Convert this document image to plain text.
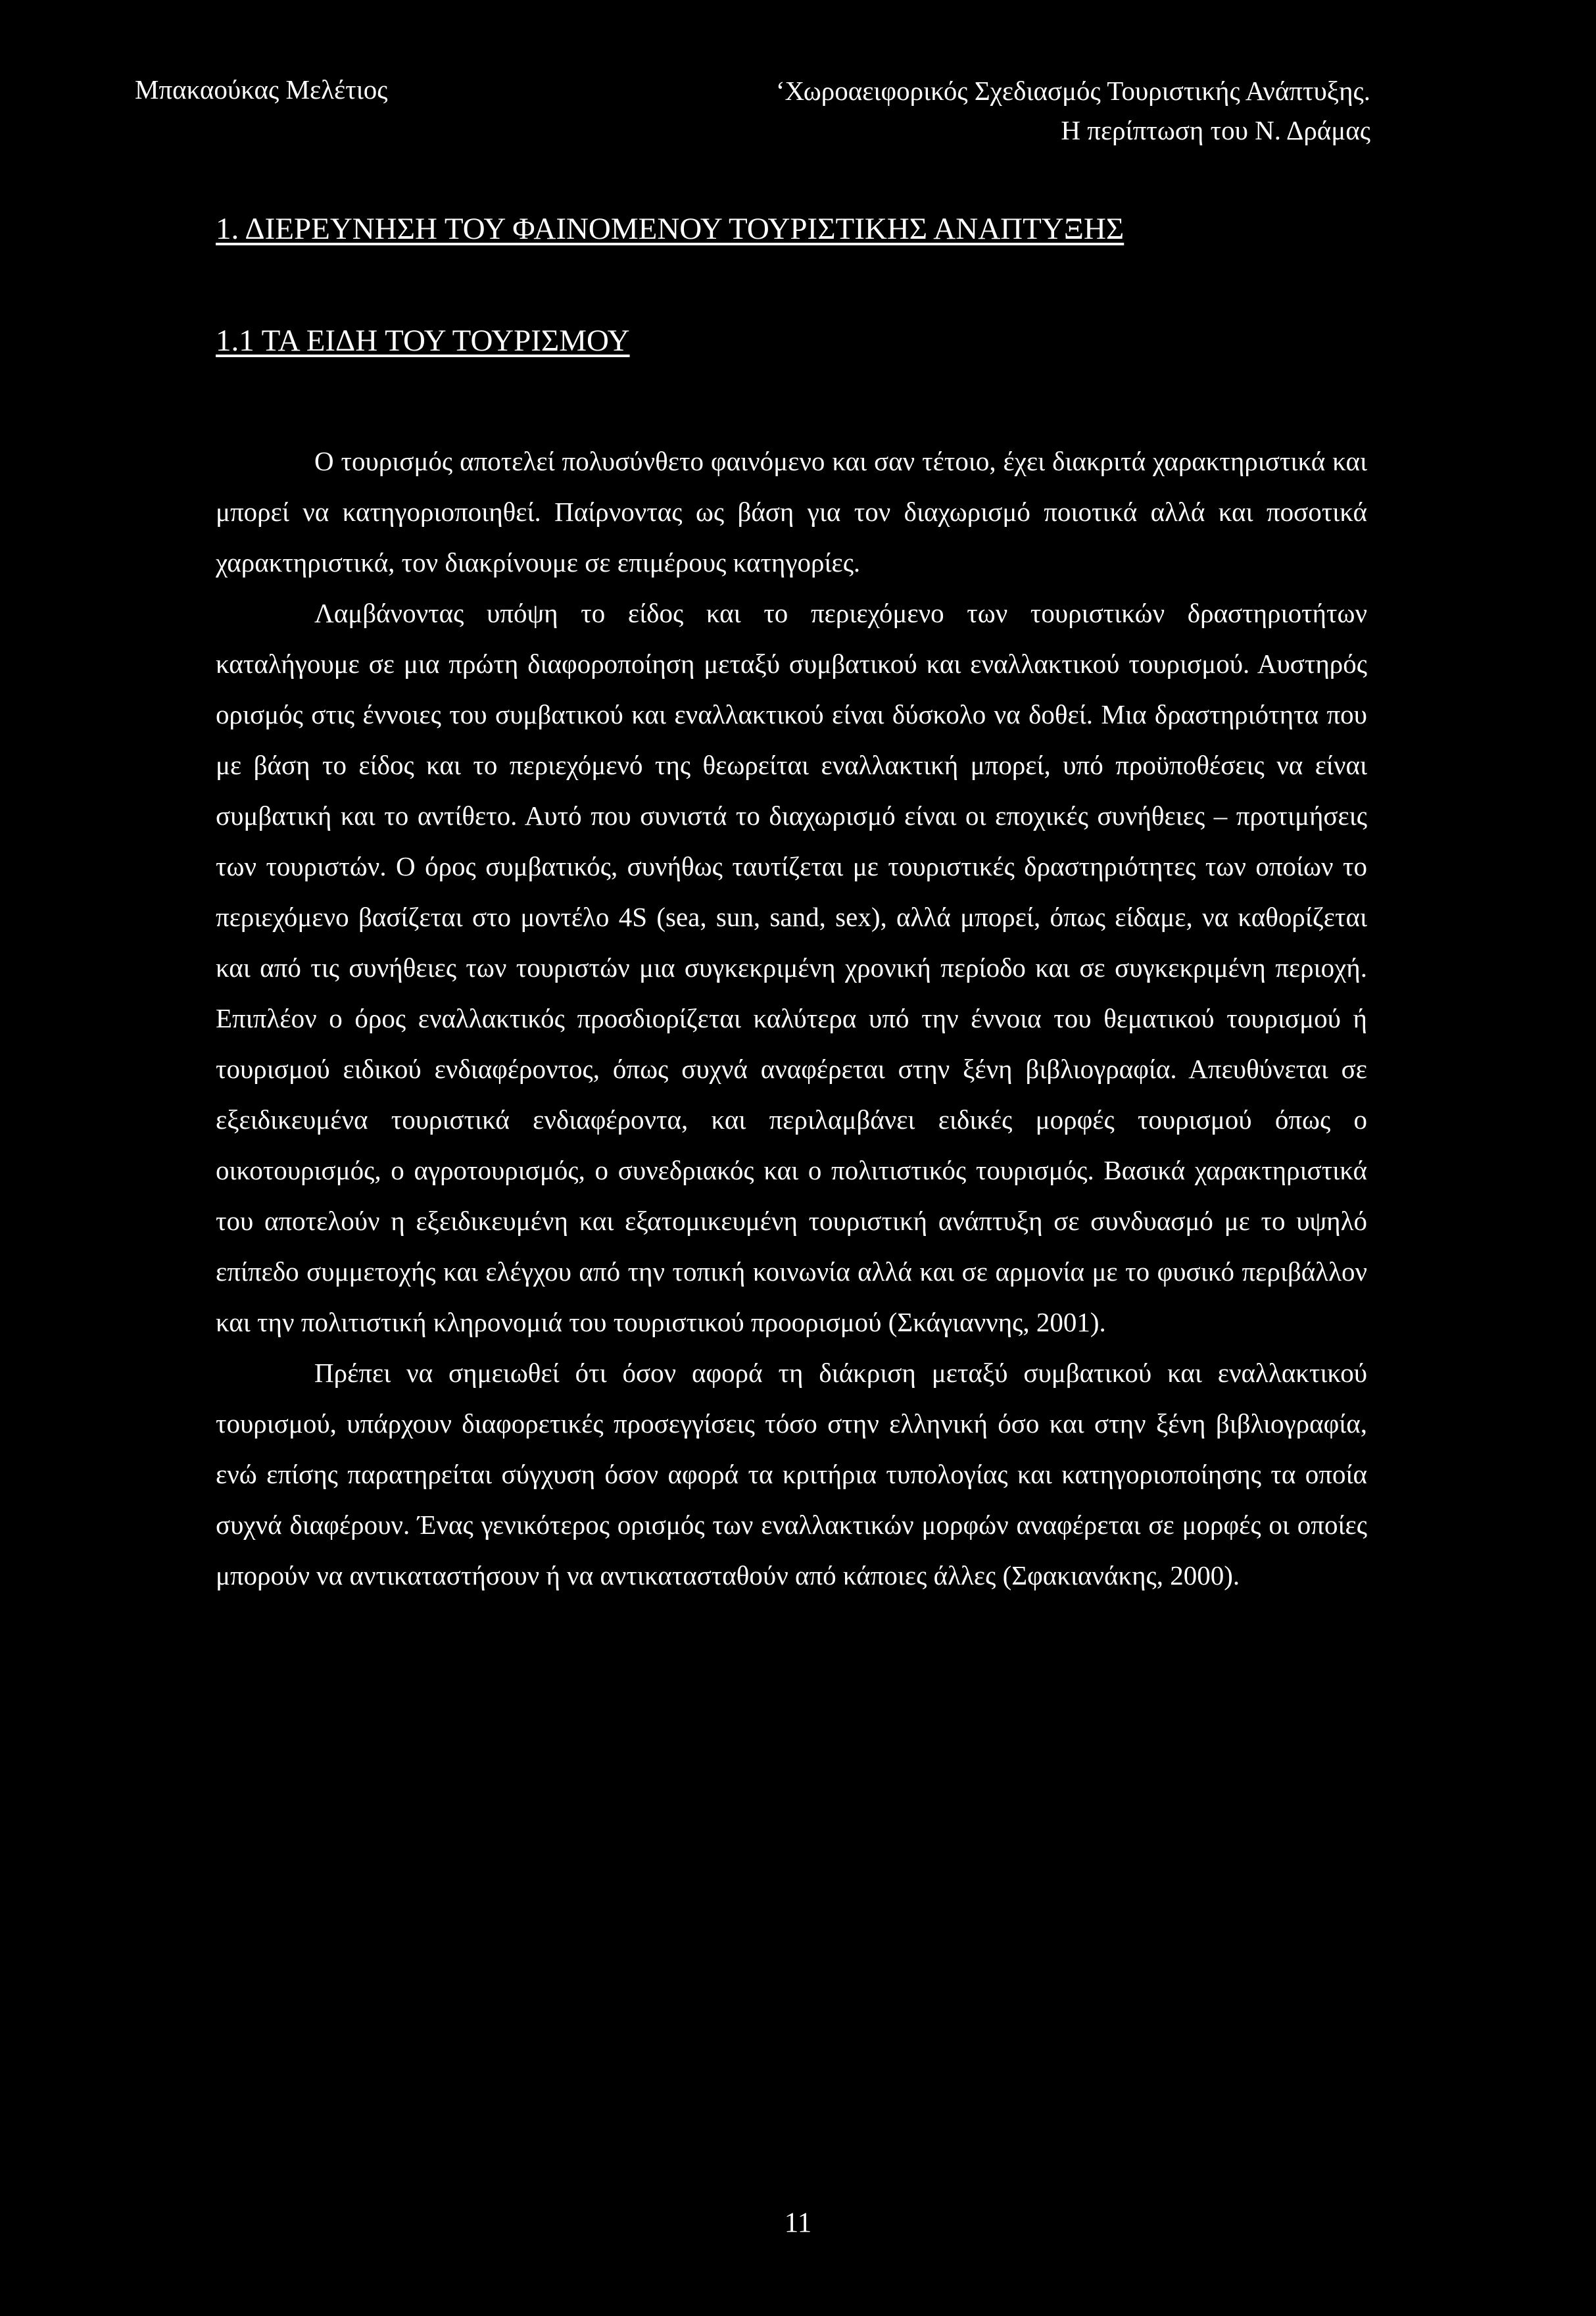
Μπακαούκας Μελέτιος	‘Χωροαειφορικός Σχεδιασμός Τουριστικής Ανάπτυξης.
Η περίπτωση του Ν. Δράμας
1. ΔΙΕΡΕΥΝΗΣΗ ΤΟΥ ΦΑΙΝΟΜΕΝΟΥ ΤΟΥΡΙΣΤΙΚΗΣ ΑΝΑΠΤΥΞΗΣ
1.1 ΤΑ ΕΙΔΗ ΤΟΥ ΤΟΥΡΙΣΜΟΥ

Ο τουρισμός αποτελεί πολυσύνθετο φαινόμενο και σαν τέτοιο, έχει διακριτά χαρακτηριστικά και μπορεί να κατηγοριοποιηθεί. Παίρνοντας ως βάση για τον διαχωρισμό ποιοτικά αλλά και ποσοτικά χαρακτηριστικά, τον διακρίνουμε σε επιμέρους κατηγορίες.

Λαμβάνοντας υπόψη το είδος και το περιεχόμενο των τουριστικών δραστηριοτήτων καταλήγουμε σε μια πρώτη διαφοροποίηση μεταξύ συμβατικού και εναλλακτικού τουρισμού. Αυστηρός ορισμός στις έννοιες του συμβατικού και εναλλακτικού είναι δύσκολο να δοθεί. Μια δραστηριότητα που με βάση το είδος και το περιεχόμενό της θεωρείται εναλλακτική μπορεί, υπό προϋποθέσεις να είναι συμβατική και το αντίθετο. Αυτό που συνιστά το διαχωρισμό είναι οι εποχικές συνήθειες – προτιμήσεις των τουριστών. Ο όρος συμβατικός, συνήθως ταυτίζεται με τουριστικές δραστηριότητες των οποίων το περιεχόμενο βασίζεται στο μοντέλο 4S (sea, sun, sand, sex), αλλά μπορεί, όπως είδαμε, να καθορίζεται και από τις συνήθειες των τουριστών μια συγκεκριμένη χρονική περίοδο και σε συγκεκριμένη περιοχή. Επιπλέον ο όρος εναλλακτικός προσδιορίζεται καλύτερα υπό την έννοια του θεματικού τουρισμού ή τουρισμού ειδικού ενδιαφέροντος, όπως συχνά αναφέρεται στην ξένη βιβλιογραφία. Απευθύνεται σε εξειδικευμένα τουριστικά ενδιαφέροντα, και περιλαμβάνει ειδικές μορφές τουρισμού όπως ο οικοτουρισμός, ο αγροτουρισμός, ο συνεδριακός και ο πολιτιστικός τουρισμός. Βασικά χαρακτηριστικά του αποτελούν η εξειδικευμένη και εξατομικευμένη τουριστική ανάπτυξη σε συνδυασμό με το υψηλό επίπεδο συμμετοχής και ελέγχου από την τοπική κοινωνία αλλά και σε αρμονία με το φυσικό περιβάλλον και την πολιτιστική κληρονομιά του τουριστικού προορισμού (Σκάγιαννης, 2001).

Πρέπει να σημειωθεί ότι όσον αφορά τη διάκριση μεταξύ συμβατικού και εναλλακτικού τουρισμού, υπάρχουν διαφορετικές προσεγγίσεις τόσο στην ελληνική όσο και στην ξένη βιβλιογραφία, ενώ επίσης παρατηρείται σύγχυση όσον αφορά τα κριτήρια τυπολογίας και κατηγοριοποίησης τα οποία συχνά διαφέρουν. Ένας γενικότερος ορισμός των εναλλακτικών μορφών αναφέρεται σε μορφές οι οποίες μπορούν να αντικαταστήσουν ή να αντικατασταθούν από κάποιες άλλες (Σφακιανάκης, 2000).

11
